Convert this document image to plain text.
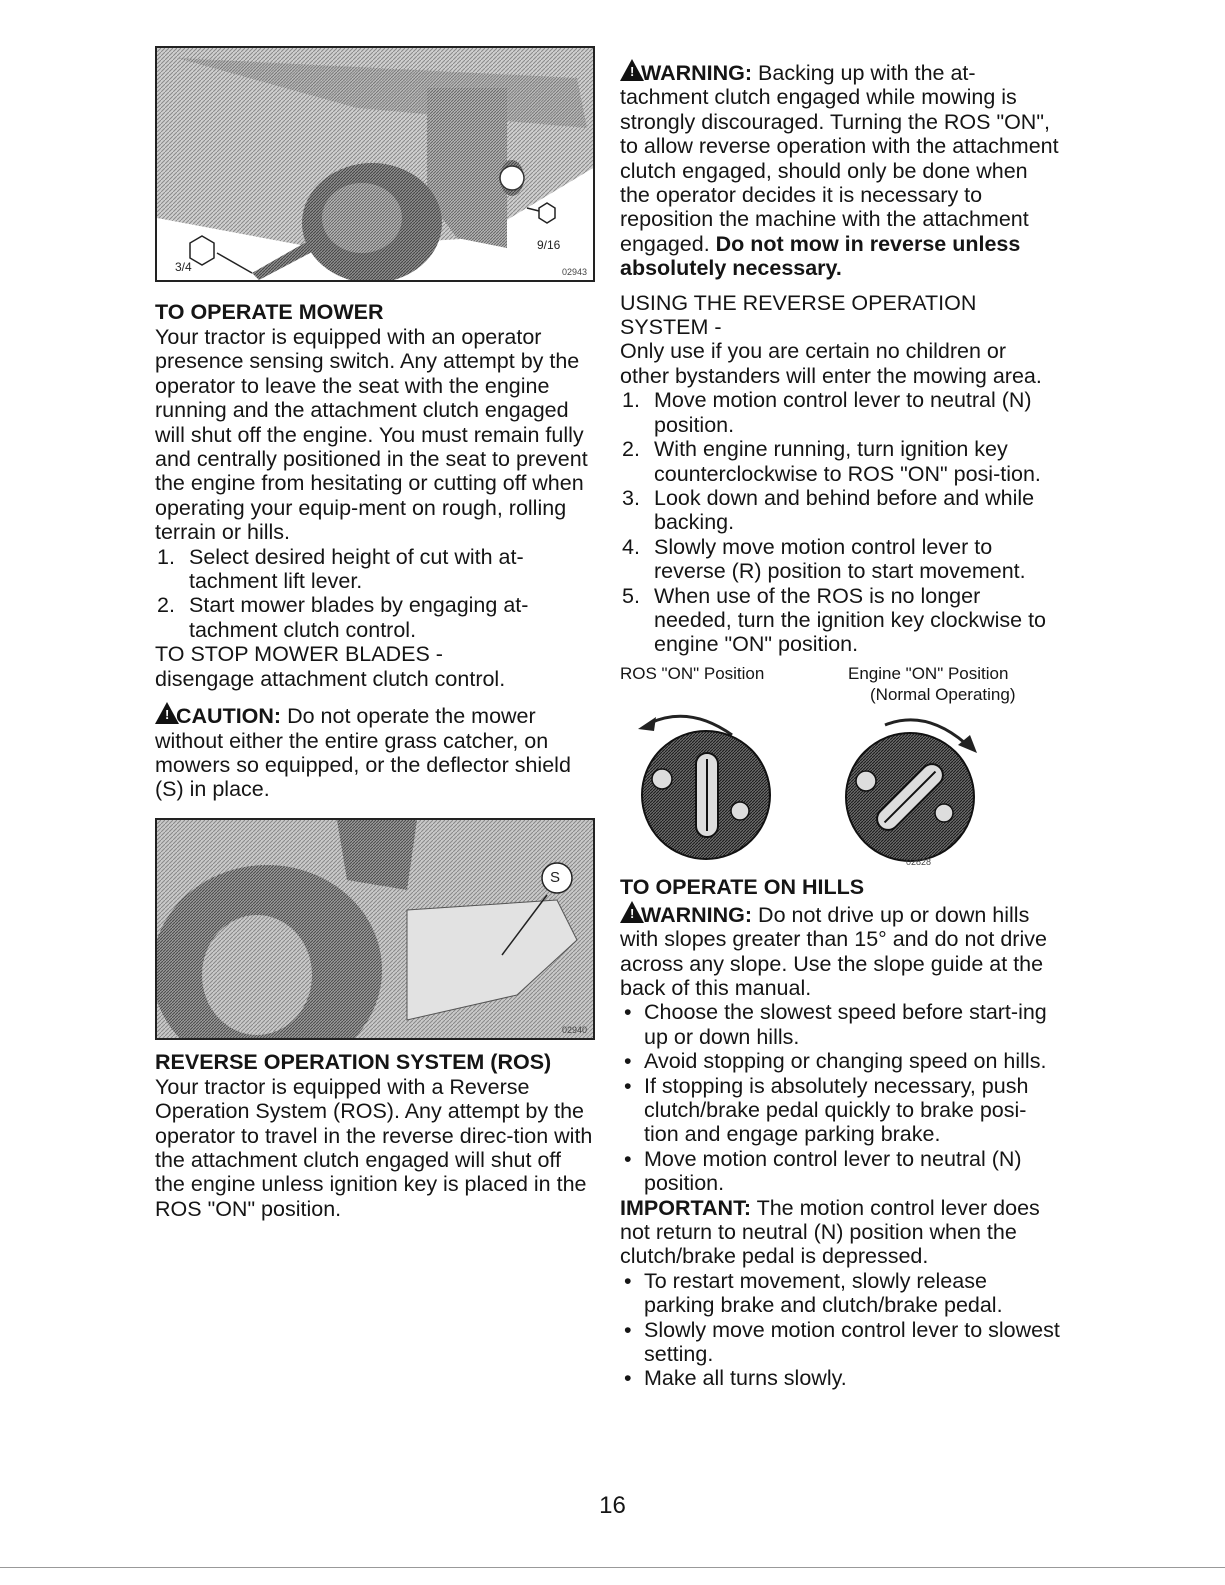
3/4
9/16
02943

TO OPERATE MOWER

Your tractor is equipped with an operator presence sensing switch. Any attempt by the operator to leave the seat with the engine running and the attachment clutch engaged will shut off the engine. You must remain fully and centrally positioned in the seat to prevent the engine from hesitating or cutting off when operating your equip-ment on rough, rolling terrain or hills.

1. Select desired height of cut with at-tachment lift lever.
2. Start mower blades by engaging at-tachment clutch control.

TO STOP MOWER BLADES -

disengage attachment clutch control.

! CAUTION: Do not operate the mower without either the entire grass catcher, on mowers so equipped, or the deflector shield (S) in place.

S
02940

REVERSE OPERATION SYSTEM (ROS)

Your tractor is equipped with a Reverse Operation System (ROS). Any attempt by the operator to travel in the reverse direc-tion with the attachment clutch engaged will shut off the engine unless ignition key is placed in the ROS "ON" position.

! WARNING: Backing up with the at-tachment clutch engaged while mowing is strongly discouraged. Turning the ROS "ON", to allow reverse operation with the attachment clutch engaged, should only be done when the operator decides it is necessary to reposition the machine with the attachment engaged. Do not mow in reverse unless absolutely necessary.

USING THE REVERSE OPERATION SYSTEM -

Only use if you are certain no children or other bystanders will enter the mowing area.

1. Move motion control lever to neutral (N) position.
2. With engine running, turn ignition key counterclockwise to ROS "ON" posi-tion.
3. Look down and behind before and while backing.
4. Slowly move motion control lever to reverse (R) position to start movement.
5. When use of the ROS is no longer needed, turn the ignition key clockwise to engine "ON" position.
ROS "ON" Position	Engine "ON" Position
(Normal Operating)
02828

TO OPERATE ON HILLS

! WARNING: Do not drive up or down hills with slopes greater than 15° and do not drive across any slope. Use the slope guide at the back of this manual.

• Choose the slowest speed before start-ing up or down hills.
• Avoid stopping or changing speed on hills.
• If stopping is absolutely necessary, push clutch/brake pedal quickly to brake posi-tion and engage parking brake.
• Move motion control lever to neutral (N) position.

IMPORTANT: The motion control lever does not return to neutral (N) position when the clutch/brake pedal is depressed.

• To restart movement, slowly release parking brake and clutch/brake pedal.
• Slowly move motion control lever to slowest setting.
• Make all turns slowly.
16
